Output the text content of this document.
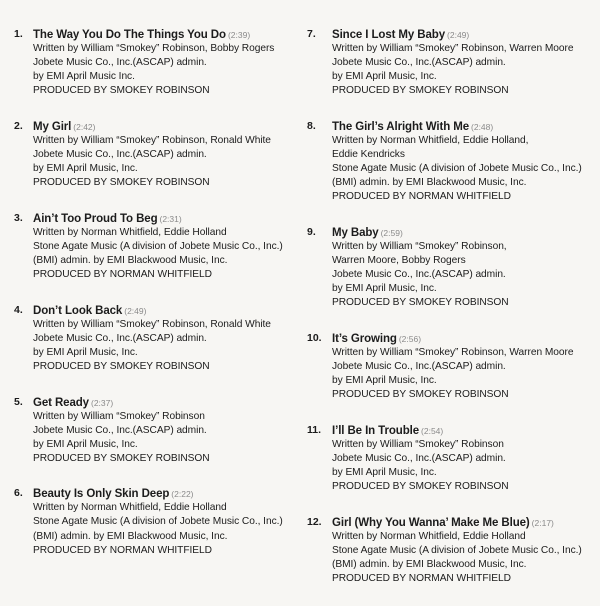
1. The Way You Do The Things You Do (2:39)
Written by William “Smokey” Robinson, Bobby Rogers
Jobete Music Co., Inc.(ASCAP) admin.
by EMI April Music Inc.
PRODUCED BY SMOKEY ROBINSON
2. My Girl (2:42)
Written by William “Smokey” Robinson, Ronald White
Jobete Music Co., Inc.(ASCAP) admin.
by EMI April Music, Inc.
PRODUCED BY SMOKEY ROBINSON
3. Ain’t Too Proud To Beg (2:31)
Written by Norman Whitfield, Eddie Holland
Stone Agate Music (A division of Jobete Music Co., Inc.)
(BMI) admin. by EMI Blackwood Music, Inc.
PRODUCED BY NORMAN WHITFIELD
4. Don’t Look Back (2:49)
Written by William “Smokey” Robinson, Ronald White
Jobete Music Co., Inc.(ASCAP) admin.
by EMI April Music, Inc.
PRODUCED BY SMOKEY ROBINSON
5. Get Ready (2:37)
Written by William “Smokey” Robinson
Jobete Music Co., Inc.(ASCAP) admin.
by EMI April Music, Inc.
PRODUCED BY SMOKEY ROBINSON
6. Beauty Is Only Skin Deep (2:22)
Written by Norman Whitfield, Eddie Holland
Stone Agate Music (A division of Jobete Music Co., Inc.)
(BMI) admin. by EMI Blackwood Music, Inc.
PRODUCED BY NORMAN WHITFIELD
7. Since I Lost My Baby (2:49)
Written by William “Smokey” Robinson, Warren Moore
Jobete Music Co., Inc.(ASCAP) admin.
by EMI April Music, Inc.
PRODUCED BY SMOKEY ROBINSON
8. The Girl’s Alright With Me (2:48)
Written by Norman Whitfield, Eddie Holland,
Eddie Kendricks
Stone Agate Music (A division of Jobete Music Co., Inc.)
(BMI) admin. by EMI Blackwood Music, Inc.
PRODUCED BY NORMAN WHITFIELD
9. My Baby (2:59)
Written by William “Smokey” Robinson,
Warren Moore, Bobby Rogers
Jobete Music Co., Inc.(ASCAP) admin.
by EMI April Music, Inc.
PRODUCED BY SMOKEY ROBINSON
10. It’s Growing (2:56)
Written by William “Smokey” Robinson, Warren Moore
Jobete Music Co., Inc.(ASCAP) admin.
by EMI April Music, Inc.
PRODUCED BY SMOKEY ROBINSON
11. I’ll Be In Trouble (2:54)
Written by William “Smokey” Robinson
Jobete Music Co., Inc.(ASCAP) admin.
by EMI April Music, Inc.
PRODUCED BY SMOKEY ROBINSON
12. Girl (Why You Wanna’ Make Me Blue) (2:17)
Written by Norman Whitfield, Eddie Holland
Stone Agate Music (A division of Jobete Music Co., Inc.)
(BMI) admin. by EMI Blackwood Music, Inc.
PRODUCED BY NORMAN WHITFIELD
